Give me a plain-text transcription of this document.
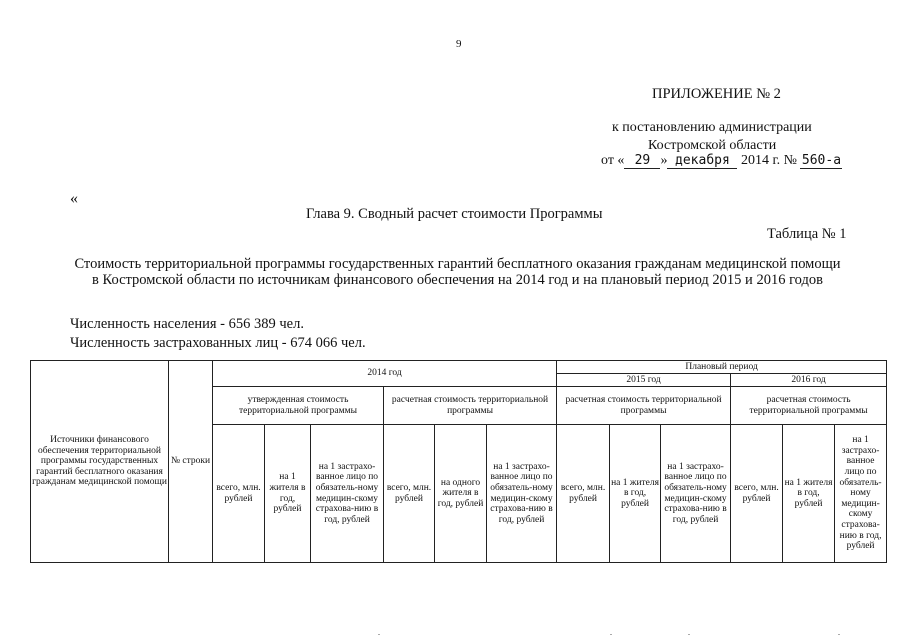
9
ПРИЛОЖЕНИЕ № 2
к постановлению администрации
Костромской области
от « 29 » декабря 2014 г. № 560-а
«
Глава 9. Сводный расчет стоимости Программы
Таблица № 1
Стоимость территориальной программы государственных гарантий бесплатного оказания гражданам медицинской помощи в Костромской области по источникам финансового обеспечения на 2014 год и на плановый период 2015 и 2016 годов
Численность населения - 656 389 чел.
Численность застрахованных лиц - 674 066 чел.
Источники финансового обеспечения территориальной программы государственных гарантий бесплатного оказания гражданам медицинской помощи	№ строки	2014 год						Плановый период					
								2015 год			2016 год		
		утвержденная стоимость территориальной программы			расчетная стоимость территориальной программы			расчетная стоимость территориальной программы			расчетная стоимость территориальной программы		
		всего, млн. рублей	на 1 жителя в год, рублей	на 1 застрахо-ванное лицо по обязатель-ному медицин-скому страхова-нию в год, рублей	всего, млн. рублей	на одного жителя в год, рублей	на 1 застрахо-ванное лицо по обязатель-ному медицин-скому страхова-нию в год, рублей	всего, млн. рублей	на 1 жителя в год, рублей	на 1 застрахо-ванное лицо по обязатель-ному медицин-скому страхова-нию в год, рублей	всего, млн. рублей	на 1 жителя в год, рублей	на 1 застрахо-ванное лицо по обязатель-ному медицин-скому страхова-нию в год, рублей
